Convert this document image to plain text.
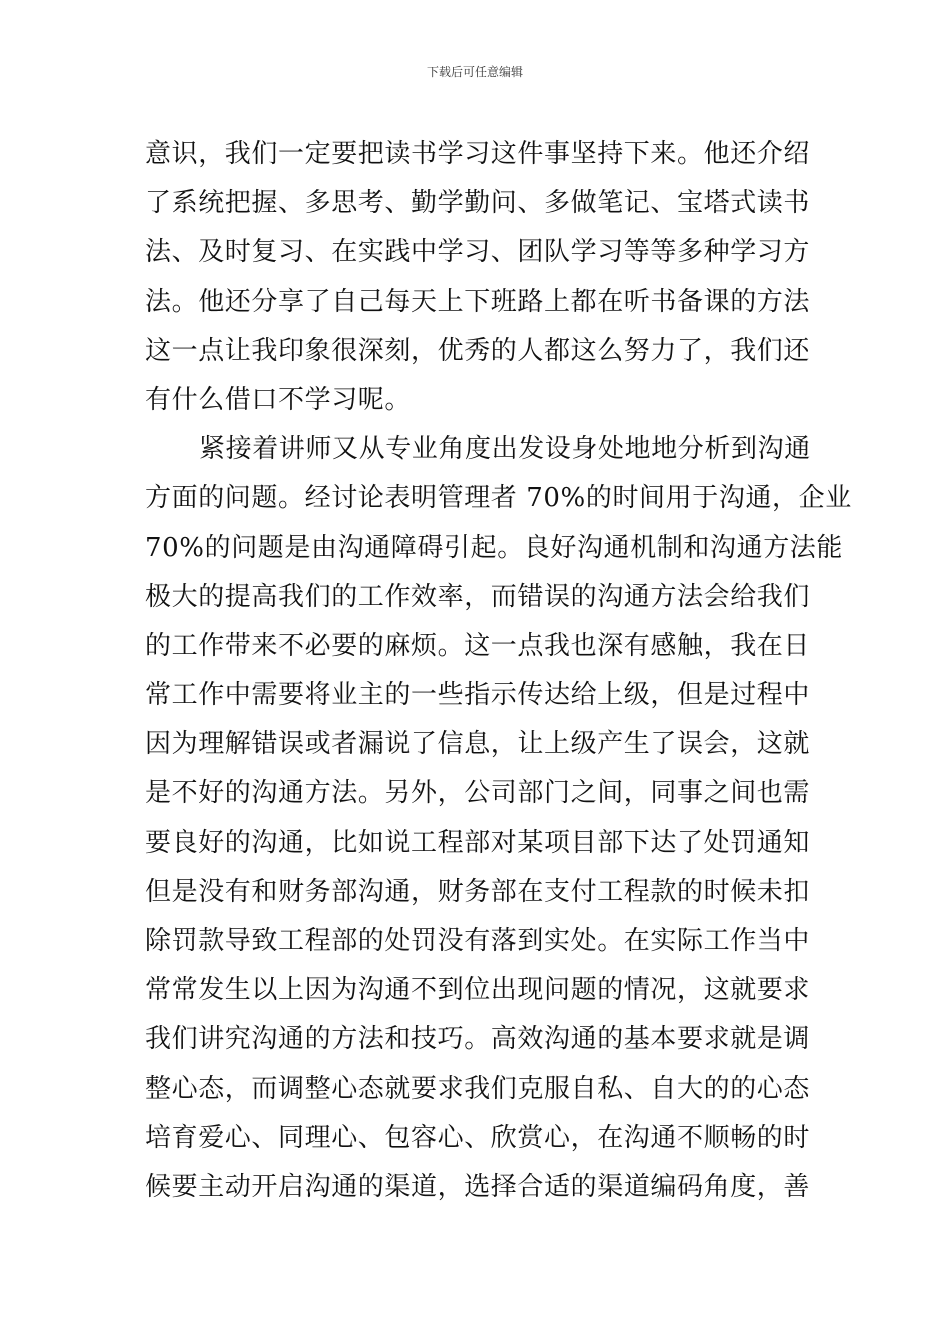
下载后可任意编辑
意识，我们一定要把读书学习这件事坚持下来。他还介绍
了系统把握、多思考、勤学勤问、多做笔记、宝塔式读书
法、及时复习、在实践中学习、团队学习等等多种学习方
法。他还分享了自己每天上下班路上都在听书备课的方法
这一点让我印象很深刻，优秀的人都这么努力了，我们还
有什么借口不学习呢。
紧接着讲师又从专业角度出发设身处地地分析到沟通
方面的问题。经讨论表明管理者 70%的时间用于沟通，企业
70%的问题是由沟通障碍引起。良好沟通机制和沟通方法能
极大的提高我们的工作效率，而错误的沟通方法会给我们
的工作带来不必要的麻烦。这一点我也深有感触，我在日
常工作中需要将业主的一些指示传达给上级，但是过程中
因为理解错误或者漏说了信息，让上级产生了误会，这就
是不好的沟通方法。另外，公司部门之间，同事之间也需
要良好的沟通，比如说工程部对某项目部下达了处罚通知
但是没有和财务部沟通，财务部在支付工程款的时候未扣
除罚款导致工程部的处罚没有落到实处。在实际工作当中
常常发生以上因为沟通不到位出现问题的情况，这就要求
我们讲究沟通的方法和技巧。高效沟通的基本要求就是调
整心态，而调整心态就要求我们克服自私、自大的的心态
培育爱心、同理心、包容心、欣赏心，在沟通不顺畅的时
候要主动开启沟通的渠道，选择合适的渠道编码角度，善
